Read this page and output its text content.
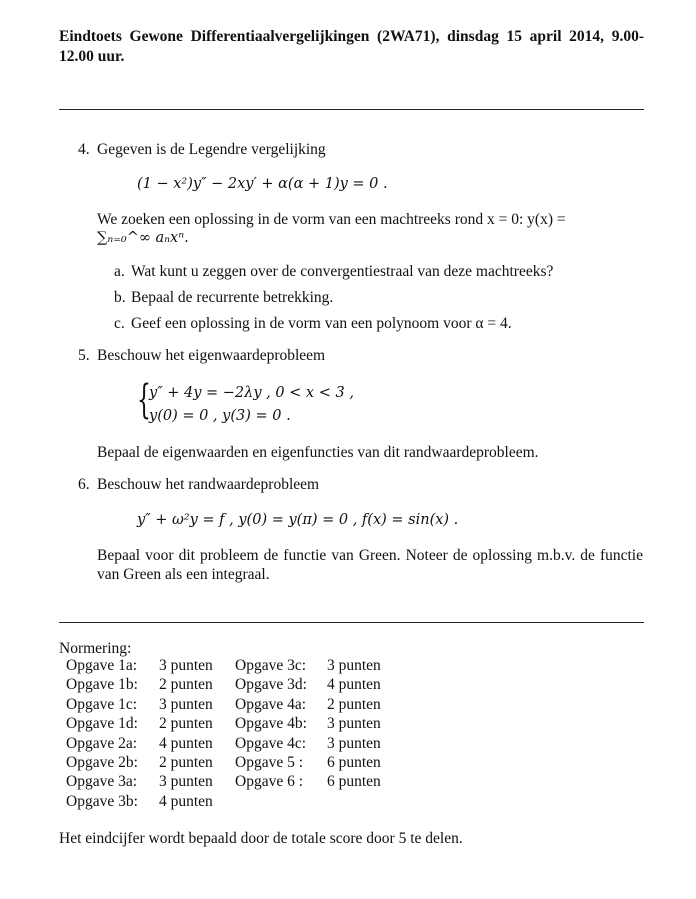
Eindtoets Gewone Differentiaalvergelijkingen (2WA71), dinsdag 15 april 2014, 9.00-12.00 uur.
4. Gegeven is de Legendre vergelijking
(1 − x²)y″ − 2xy′ + α(α + 1)y = 0 .
We zoeken een oplossing in de vorm van een machtreeks rond x = 0: y(x) =
∑ₙ₌₀^∞ aₙxⁿ.
a. Wat kunt u zeggen over de convergentiestraal van deze machtreeks?
b. Bepaal de recurrente betrekking.
c. Geef een oplossing in de vorm van een polynoom voor α = 4.
5. Beschouw het eigenwaardeprobleem
{
y″ + 4y = −2λy , 0 < x < 3 ,
y(0) = 0 , y(3) = 0 .
Bepaal de eigenwaarden en eigenfuncties van dit randwaardeprobleem.
6. Beschouw het randwaardeprobleem
y″ + ω²y = f , y(0) = y(π) = 0 , f(x) = sin(x) .
Bepaal voor dit probleem de functie van Green. Noteer de oplossing m.b.v. de functie van Green als een integraal.
Normering:
Opgave 1a:	3 punten	Opgave 3c:	3 punten
Opgave 1b:	2 punten	Opgave 3d:	4 punten
Opgave 1c:	3 punten	Opgave 4a:	2 punten
Opgave 1d:	2 punten	Opgave 4b:	3 punten
Opgave 2a:	4 punten	Opgave 4c:	3 punten
Opgave 2b:	2 punten	Opgave 5 :	6 punten
Opgave 3a:	3 punten	Opgave 6 :	6 punten
Opgave 3b:	4 punten		
Het eindcijfer wordt bepaald door de totale score door 5 te delen.
